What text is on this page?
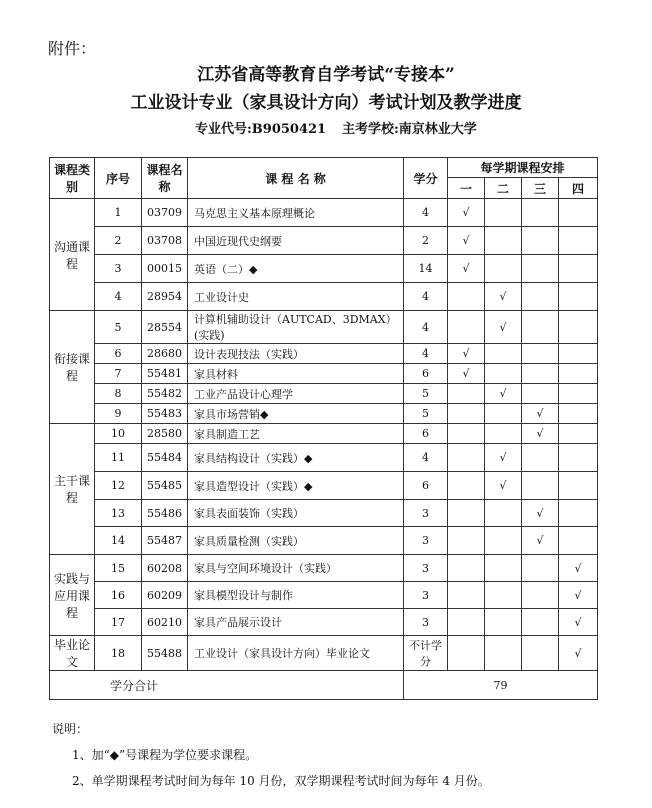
附件：
江苏省高等教育自学考试“专接本”
工业设计专业（家具设计方向）考试计划及教学进度
专业代号:B9050421 主考学校:南京林业大学
课程类别	序号	课程名称	课 程 名 称	学分	每学期课程安排			
					一	二	三	四
沟通课程	1	03709	马克思主义基本原理概论	4	√			
	2	03708	中国近现代史纲要	2	√			
	3	00015	英语（二）◆	14	√			
	4	28954	工业设计史	4		√		
衔接课程	5	28554	计算机辅助设计（AUTCAD、3DMAX）(实践)	4		√		
	6	28680	设计表现技法（实践）	4	√			
	7	55481	家具材料	6	√			
	8	55482	工业产品设计心理学	5		√		
	9	55483	家具市场营销◆	5			√	
主干课程	10	28580	家具制造工艺	6			√	
	11	55484	家具结构设计（实践）◆	4		√		
	12	55485	家具造型设计（实践）◆	6		√		
	13	55486	家具表面装饰（实践）	3			√	
	14	55487	家具质量检测（实践）	3			√	
实践与应用课程	15	60208	家具与空间环境设计（实践）	3				√
	16	60209	家具模型设计与制作	3				√
	17	60210	家具产品展示设计	3				√
毕业论文	18	55488	工业设计（家具设计方向）毕业论文	不计学分				√
学分合计				79				
说明：
1、加“◆”号课程为学位要求课程。
2、单学期课程考试时间为每年 10 月份，双学期课程考试时间为每年 4 月份。
